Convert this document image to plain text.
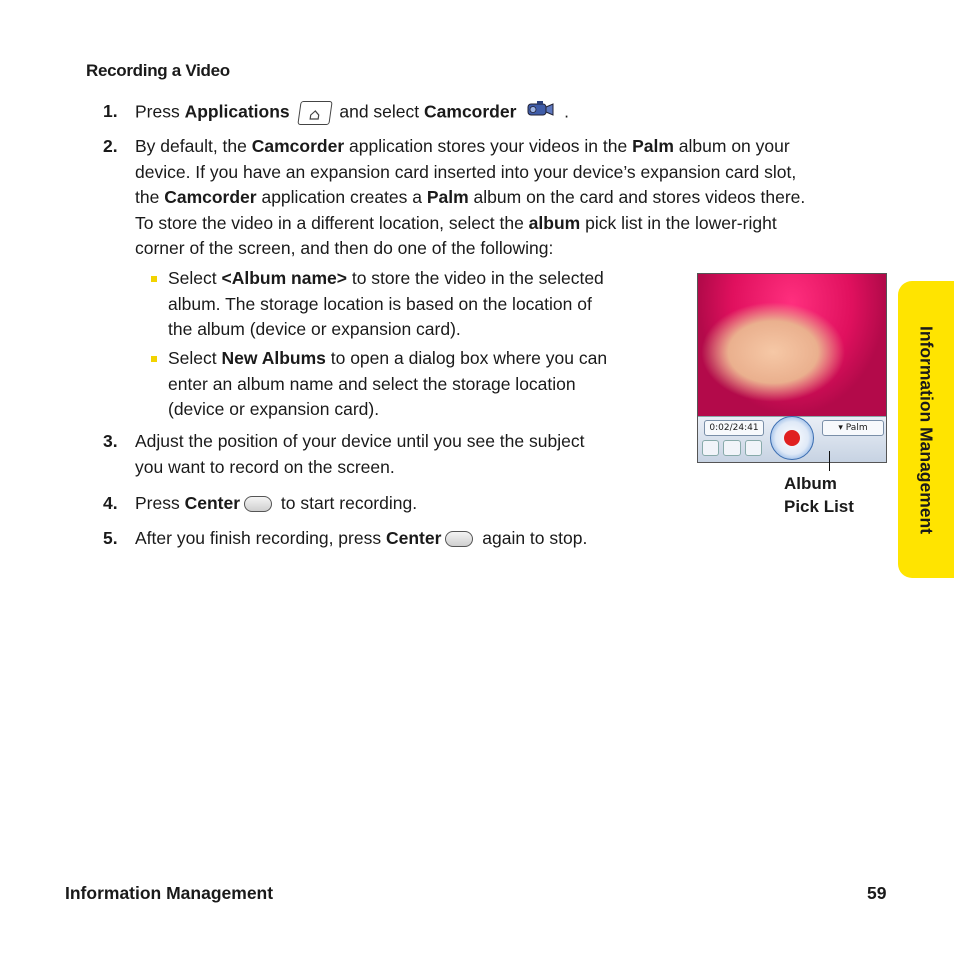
Recording a Video
1. Press Applications	and select Camcorder	.
2. By default, the Camcorder application stores your videos in the Palm album on your
device. If you have an expansion card inserted into your device’s expansion card slot,
the Camcorder application creates a Palm album on the card and stores videos there.
To store the video in a different location, select the album pick list in the lower-right
corner of the screen, and then do one of the following:
Select <Album name> to store the video in the selected
album. The storage location is based on the location of
the album (device or expansion card).
Select New Albums to open a dialog box where you can
enter an album name and select the storage location
(device or expansion card).
3. Adjust the position of your device until you see the subject
you want to record on the screen.
4. Press Center to start recording.
5. After you finish recording, press Center again to stop.
0:02/24:41	▾ Palm
Album
Pick List	Information Management
Information Management	59
